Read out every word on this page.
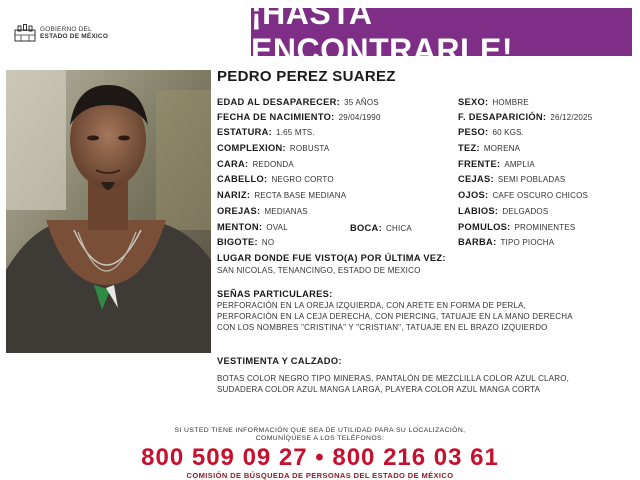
GOBIERNO DEL
ESTADO DE MÉXICO
¡HASTA ENCONTRARLE!
PEDRO PEREZ SUAREZ
EDAD AL DESAPARECER: 35 AÑOS	SEXO: HOMBRE
FECHA DE NACIMIENTO: 29/04/1990	F. DESAPARICIÓN: 26/12/2025
ESTATURA: 1.65 MTS.	PESO: 60 KGS.
COMPLEXION: ROBUSTA	TEZ: MORENA
CARA: REDONDA	FRENTE: AMPLIA
CABELLO: NEGRO CORTO	CEJAS: SEMI POBLADAS
NARIZ: RECTA BASE MEDIANA	OJOS: CAFE OSCURO CHICOS
OREJAS: MEDIANAS	LABIOS: DELGADOS
MENTON: OVAL	BOCA: CHICA	POMULOS: PROMINENTES
BIGOTE: NO	BARBA: TIPO PIOCHA
LUGAR DONDE FUE VISTO(A) POR ÚLTIMA VEZ:
SAN NICOLAS, TENANCINGO, ESTADO DE MEXICO
SEÑAS PARTICULARES:
PERFORACIÓN EN LA OREJA IZQUIERDA, CON ARETE EN FORMA DE PERLA,
PERFORACIÓN EN LA CEJA DERECHA, CON PIERCING, TATUAJE EN LA MANO DERECHA
CON LOS NOMBRES "CRISTINA" Y "CRISTIAN", TATUAJE EN EL BRAZO IZQUIERDO
VESTIMENTA Y CALZADO:
BOTAS COLOR NEGRO TIPO MINERAS, PANTALÓN DE MEZCLILLA COLOR AZUL CLARO,
SUDADERA COLOR AZUL MANGA LARGA, PLAYERA COLOR AZUL MANGA CORTA
SI USTED TIENE INFORMACIÓN QUE SEA DE UTILIDAD PARA SU LOCALIZACIÓN,
COMUNÍQUESE A LOS TELÉFONOS:
800 509 09 27 • 800 216 03 61
COMISIÓN DE BÚSQUEDA DE PERSONAS DEL ESTADO DE MÉXICO
